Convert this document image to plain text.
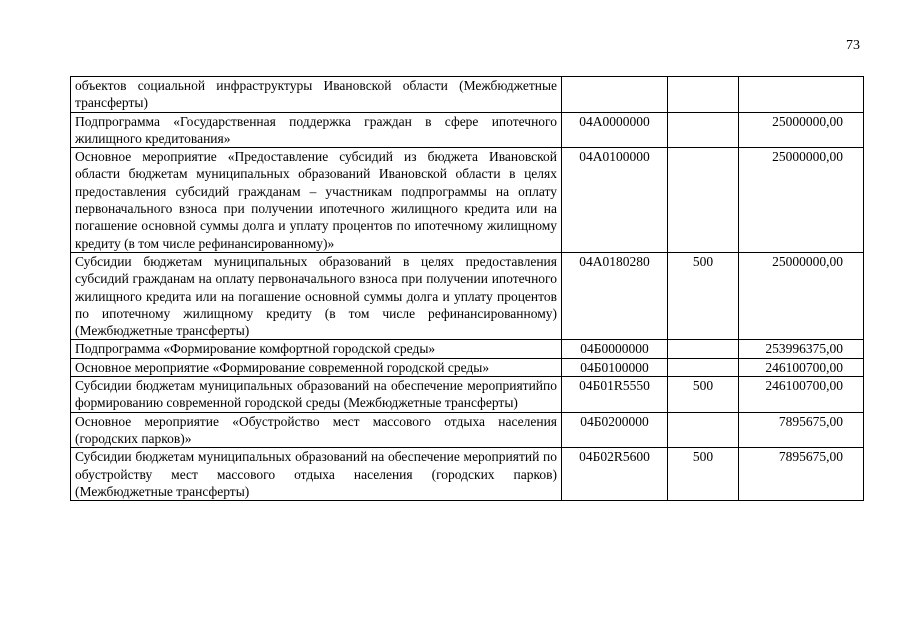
73
объектов социальной инфраструктуры Ивановской области (Межбюджетные трансферты)			
Подпрограмма «Государственная поддержка граждан в сфере ипотечного жилищного кредитования»	04А0000000		25000000,00
Основное мероприятие «Предоставление субсидий из бюджета Ивановской области бюджетам муниципальных образований Ивановской области в целях предоставления субсидий гражданам – участникам подпрограммы на оплату первоначального взноса при получении ипотечного жилищного кредита или на погашение основной суммы долга и уплату процентов по ипотечному жилищному кредиту (в том числе рефинансированному)»	04А0100000		25000000,00
Субсидии бюджетам муниципальных образований в целях предоставления субсидий гражданам на оплату первоначального взноса при получении ипотечного жилищного кредита или на погашение основной суммы долга и уплату процентов по ипотечному жилищному кредиту (в том числе рефинансированному) (Межбюджетные трансферты)	04А0180280	500	25000000,00
Подпрограмма «Формирование комфортной городской среды»	04Б0000000		253996375,00
Основное мероприятие «Формирование современной городской среды»	04Б0100000		246100700,00
Субсидии бюджетам муниципальных образований на обеспечение мероприятийпо формированию современной городской среды (Межбюджетные трансферты)	04Б01R5550	500	246100700,00
Основное мероприятие «Обустройство мест массового отдыха населения (городских парков)»	04Б0200000		7895675,00
Субсидии бюджетам муниципальных образований на обеспечение мероприятий по обустройству мест массового отдыха населения (городских парков) (Межбюджетные трансферты)	04Б02R5600	500	7895675,00
